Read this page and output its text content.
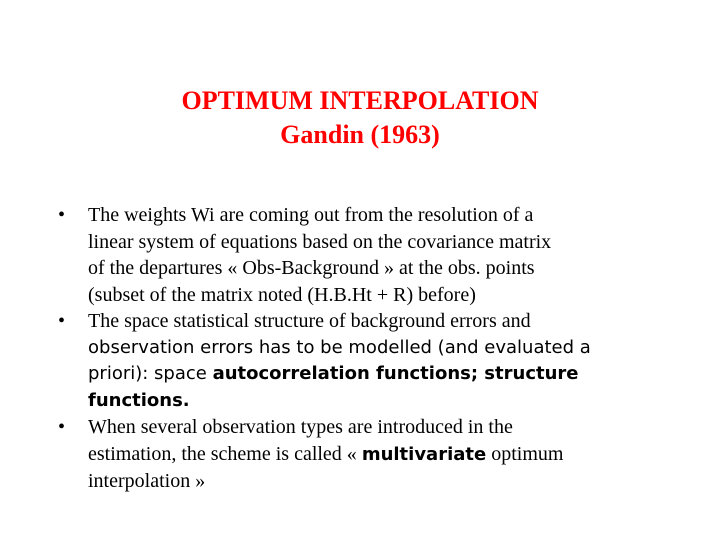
OPTIMUM INTERPOLATION
Gandin (1963)
•	The weights Wi are coming out from the resolution of a
linear system of equations based on the covariance matrix
of the departures « Obs-Background » at the obs. points
(subset of the matrix noted (H.B.Ht + R) before)
•	The space statistical structure of background errors and
observation errors has to be modelled (and evaluated a
priori): space autocorrelation functions; structure
functions.
•	When several observation types are introduced in the
estimation, the scheme is called « multivariate optimum
interpolation »
